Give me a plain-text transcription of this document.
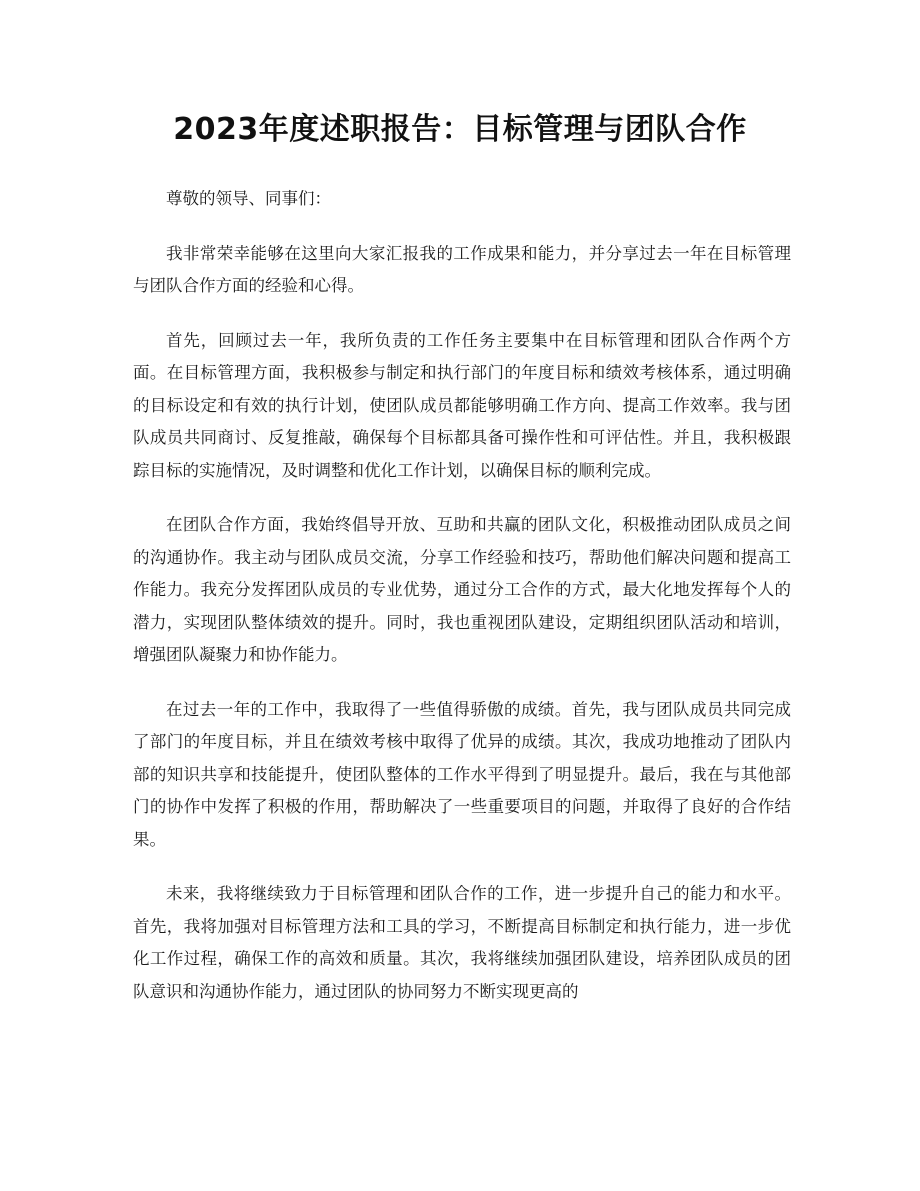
2023年度述职报告：目标管理与团队合作

尊敬的领导、同事们：

我非常荣幸能够在这里向大家汇报我的工作成果和能力，并分享过去一年在目标管理与团队合作方面的经验和心得。

首先，回顾过去一年，我所负责的工作任务主要集中在目标管理和团队合作两个方面。在目标管理方面，我积极参与制定和执行部门的年度目标和绩效考核体系，通过明确的目标设定和有效的执行计划，使团队成员都能够明确工作方向、提高工作效率。我与团队成员共同商讨、反复推敲，确保每个目标都具备可操作性和可评估性。并且，我积极跟踪目标的实施情况，及时调整和优化工作计划，以确保目标的顺利完成。

在团队合作方面，我始终倡导开放、互助和共赢的团队文化，积极推动团队成员之间的沟通协作。我主动与团队成员交流，分享工作经验和技巧，帮助他们解决问题和提高工作能力。我充分发挥团队成员的专业优势，通过分工合作的方式，最大化地发挥每个人的潜力，实现团队整体绩效的提升。同时，我也重视团队建设，定期组织团队活动和培训，增强团队凝聚力和协作能力。

在过去一年的工作中，我取得了一些值得骄傲的成绩。首先，我与团队成员共同完成了部门的年度目标，并且在绩效考核中取得了优异的成绩。其次，我成功地推动了团队内部的知识共享和技能提升，使团队整体的工作水平得到了明显提升。最后，我在与其他部门的协作中发挥了积极的作用，帮助解决了一些重要项目的问题，并取得了良好的合作结果。

未来，我将继续致力于目标管理和团队合作的工作，进一步提升自己的能力和水平。首先，我将加强对目标管理方法和工具的学习，不断提高目标制定和执行能力，进一步优化工作过程，确保工作的高效和质量。其次，我将继续加强团队建设，培养团队成员的团队意识和沟通协作能力，通过团队的协同努力不断实现更高的
